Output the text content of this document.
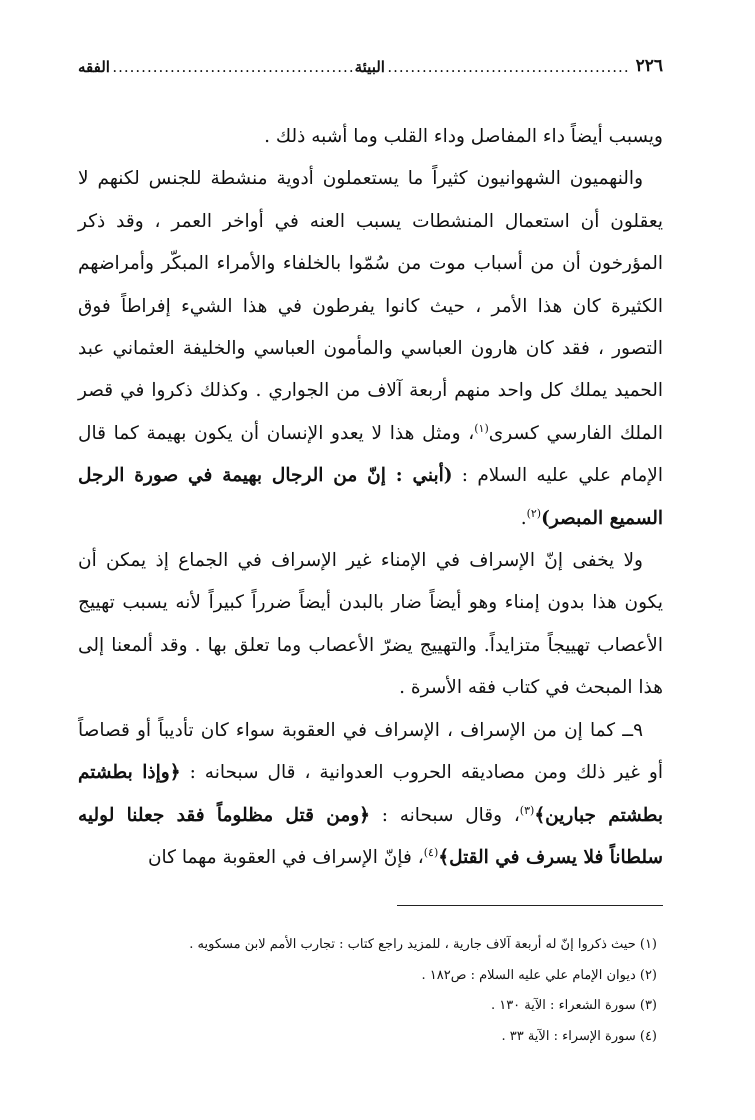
٢٢٦
.....
البيئة
.....
الفقه

ويسبب أيضاً داء المفاصل وداء القلب وما أشبه ذلك .

والنهميون الشهوانيون كثيراً ما يستعملون أدوية منشطة للجنس لكنهم لا يعقلون أن استعمال المنشطات يسبب العنه في أواخر العمر ، وقد ذكر المؤرخون أن من أسباب موت من سُمّوا بالخلفاء والأمراء المبكّر وأمراضهم الكثيرة كان هذا الأمر ، حيث كانوا يفرطون في هذا الشيء إفراطاً فوق التصور ، فقد كان هارون العباسي والمأمون العباسي والخليفة العثماني عبد الحميد يملك كل واحد منهم أربعة آلاف من الجواري . وكذلك ذكروا في قصر الملك الفارسي كسرى$^{(١)}$، ومثل هذا لا يعدو الإنسان أن يكون بهيمة كما قال الإمام علي عليه السلام : (أبني : إنّ من الرجال بهيمة في صورة الرجل السميع المبصر)$^{(٢)}$.

ولا يخفى إنّ الإسراف في الإمناء غير الإسراف في الجماع إذ يمكن أن يكون هذا بدون إمناء وهو أيضاً ضار بالبدن أيضاً ضرراً كبيراً لأنه يسبب تهييج الأعصاب تهييجاً متزايداً. والتهييج يضرّ الأعصاب وما تعلق بها . وقد ألمعنا إلى هذا المبحث في كتاب فقه الأسرة .

٩ــ كما إن من الإسراف ، الإسراف في العقوبة سواء كان تأديباً أو قصاصاً أو غير ذلك ومن مصاديقه الحروب العدوانية ، قال سبحانه : ﴿وإذا بطشتم بطشتم جبارين﴾$^{(٣)}$، وقال سبحانه : ﴿ومن قتل مظلوماً فقد جعلنا لوليه سلطاناً فلا يسرف في القتل﴾$^{(٤)}$، فإنّ الإسراف في العقوبة مهما كان

(١) حيث ذكروا إنّ له أربعة آلاف جارية ، للمزيد راجع كتاب : تجارب الأمم لابن مسكويه .
(٢) ديوان الإمام علي عليه السلام : ص١٨٢ .
(٣) سورة الشعراء : الآية ١٣٠ .
(٤) سورة الإسراء : الآية ٣٣ .
